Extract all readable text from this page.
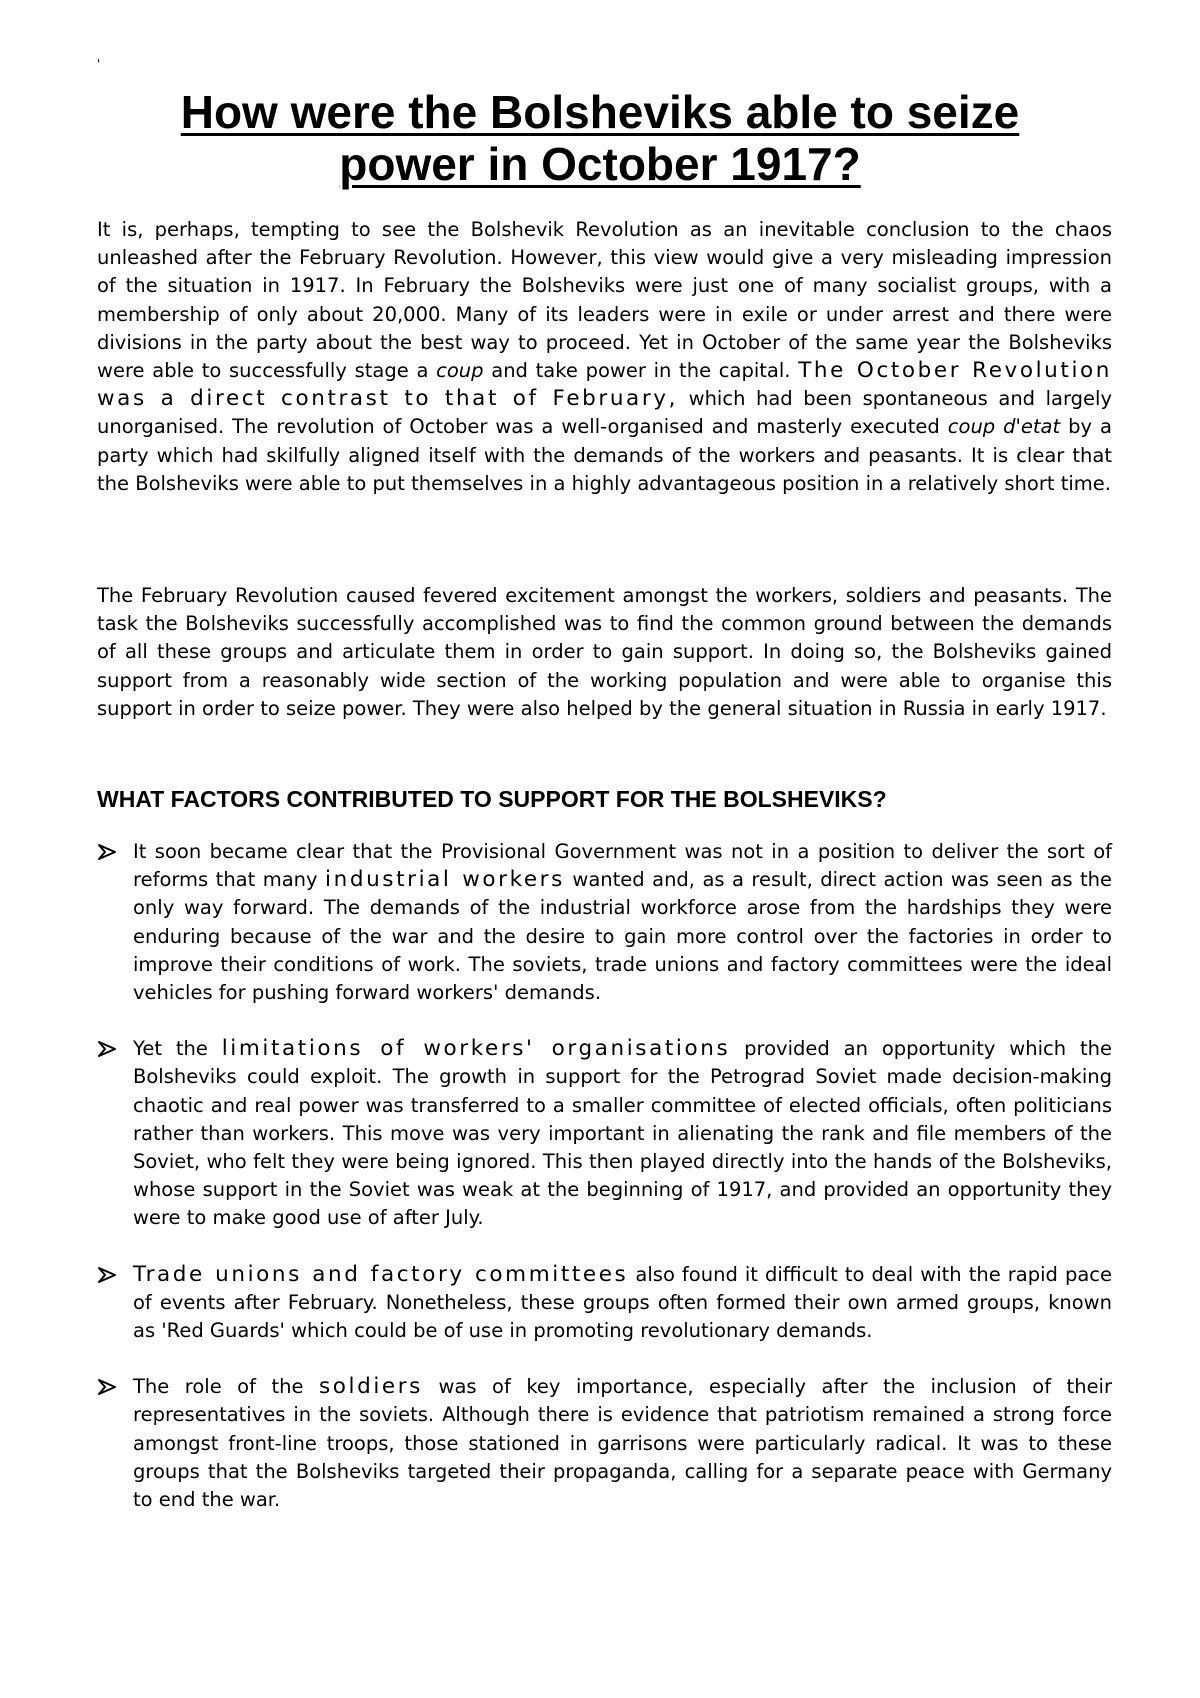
'
How were the Bolsheviks able to seize power in October 1917?

It is, perhaps, tempting to see the Bolshevik Revolution as an inevitable conclusion to the chaos unleashed after the February Revolution. However, this view would give a very misleading impression of the situation in 1917. In February the Bolsheviks were just one of many socialist groups, with a membership of only about 20,000. Many of its leaders were in exile or under arrest and there were divisions in the party about the best way to proceed. Yet in October of the same year the Bolsheviks were able to successfully stage a coup and take power in the capital. The October Revolution was a direct contrast to that of February, which had been spontaneous and largely unorganised. The revolution of October was a well-organised and masterly executed coup d'etat by a party which had skilfully aligned itself with the demands of the workers and peasants. It is clear that the Bolsheviks were able to put themselves in a highly advantageous position in a relatively short time.

The February Revolution caused fevered excitement amongst the workers, soldiers and peasants. The task the Bolsheviks successfully accomplished was to find the common ground between the demands of all these groups and articulate them in order to gain support. In doing so, the Bolsheviks gained support from a reasonably wide section of the working population and were able to organise this support in order to seize power. They were also helped by the general situation in Russia in early 1917.

WHAT FACTORS CONTRIBUTED TO SUPPORT FOR THE BOLSHEVIKS?
It soon became clear that the Provisional Government was not in a position to deliver the sort of reforms that many industrial workers wanted and, as a result, direct action was seen as the only way forward. The demands of the industrial workforce arose from the hardships they were enduring because of the war and the desire to gain more control over the factories in order to improve their conditions of work. The soviets, trade unions and factory committees were the ideal vehicles for pushing forward workers' demands.
Yet the limitations of workers' organisations provided an opportunity which the Bolsheviks could exploit. The growth in support for the Petrograd Soviet made decision-making chaotic and real power was transferred to a smaller committee of elected officials, often politicians rather than workers. This move was very important in alienating the rank and file members of the Soviet, who felt they were being ignored. This then played directly into the hands of the Bolsheviks, whose support in the Soviet was weak at the beginning of 1917, and provided an opportunity they were to make good use of after July.
Trade unions and factory committees also found it difficult to deal with the rapid pace of events after February. Nonetheless, these groups often formed their own armed groups, known as 'Red Guards' which could be of use in promoting revolutionary demands.
The role of the soldiers was of key importance, especially after the inclusion of their representatives in the soviets. Although there is evidence that patriotism remained a strong force amongst front-line troops, those stationed in garrisons were particularly radical. It was to these groups that the Bolsheviks targeted their propaganda, calling for a separate peace with Germany to end the war.
